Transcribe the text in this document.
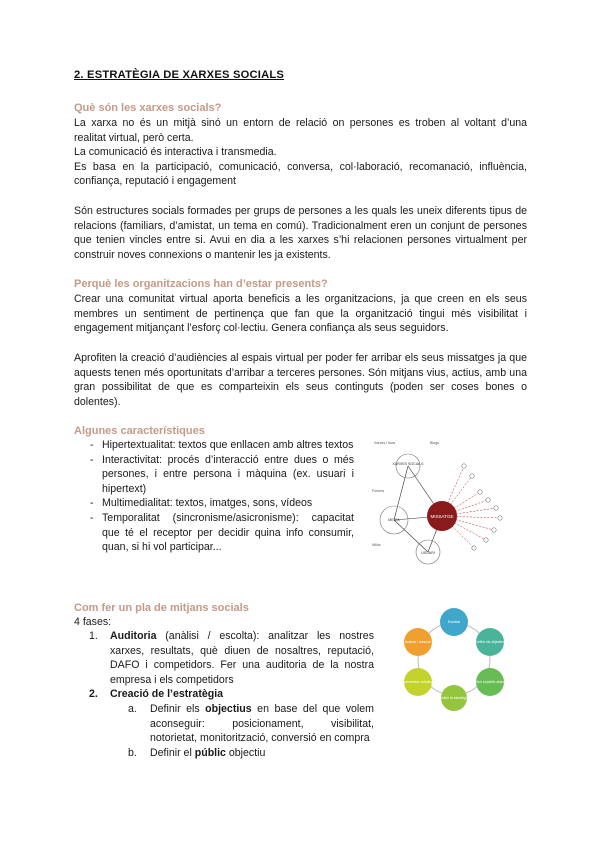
2. ESTRATÈGIA DE XARXES SOCIALS
Què són les xarxes socials?
La xarxa no és un mitjà sinó un entorn de relació on persones es troben al voltant d’una
realitat virtual, però certa.
La comunicació és interactiva i transmedia.
Es basa en la participació, comunicació, conversa, col·laboració, recomanació, influència,
confiança, reputació i engagement
Són estructures socials formades per grups de persones a les quals les uneix diferents tipus de relacions (familiars, d’amistat, un tema en comú). Tradicionalment eren un conjunt de persones que tenien vincles entre si. Avui en dia a les xarxes s’hi relacionen persones virtualment per construir noves connexions o mantenir les ja existents.
Perquè les organitzacions han d’estar presents?
Crear una comunitat virtual aporta beneficis a les organitzacions, ja que creen en els seus membres un sentiment de pertinença que fan que la organització tingui més visibilitat i engagement mitjançant l’esforç col·lectiu. Genera confiança als seus seguidors.
Aprofiten la creació d’audiències al espais virtual per poder fer arribar els seus missatges ja que aquests tenen més oportunitats d’arribar a terceres persones. Són mitjans vius, actius, amb una gran possibilitat de que es comparteixin els seus continguts (poden ser coses bones o dolentes).
Algunes característiques
- Hipertextualitat: textos que enllacen amb altres textos
- Interactivitat: procés d’interacció entre dues o més persones, i entre persona i màquina (ex. usuari i hipertext)
- Multimedialitat: textos, imatges, sons, vídeos
- Temporalitat (sincronisme/asicronisme): capacitat que té el receptor per decidir quina info consumir, quan, si hi vol participar...
MISSATGE
XARXES SOCIALS
MEDIA
USUARI
Xarxes i llocs	Blogs
Fòrums
Wikis
Com fer un pla de mitjans socials
4 fases:
1.	Auditoria (anàlisi / escolta): analitzar les nostres xarxes, resultats, què diuen de nosaltres, reputació, DAFO i competidors. Fer una auditoria de la nostra empresa i els competidors
2.	Creació de l’estratègia
a.	Definir els objectius en base del que volem aconseguir: posicionament, visibilitat, notorietat, monitorització, conversió en compra
b.	Definir el públic objectiu
Escoltar
Definir els objectius
Definir el públic objectiu
Definir la estratègia
Implementar estratègia
Avaluar i mesurar
